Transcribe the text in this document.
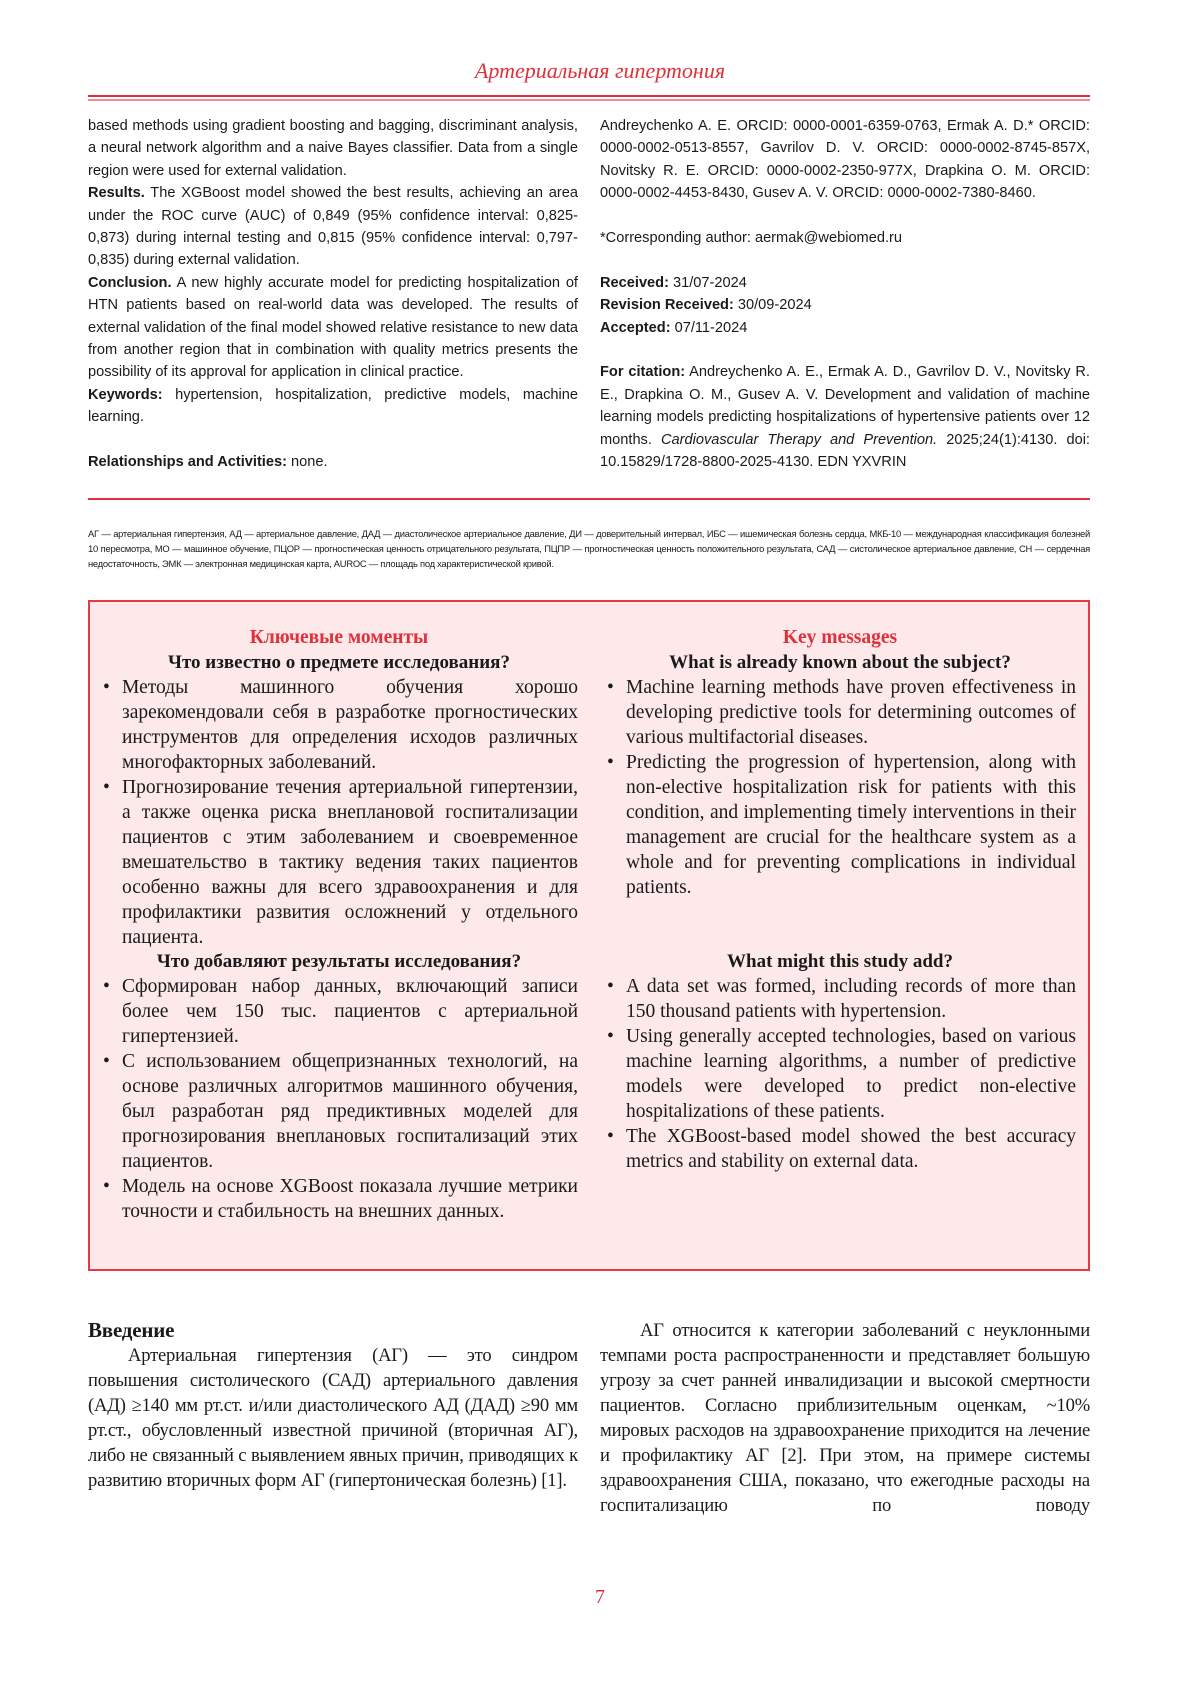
Артериальная гипертония

based methods using gradient boosting and bagging, discriminant analysis, a neural network algorithm and a naive Bayes classifier. Data from a single region were used for external validation.

Results. The XGBoost model showed the best results, achieving an area under the ROC curve (AUC) of 0,849 (95% confidence interval: 0,825-0,873) during internal testing and 0,815 (95% confidence interval: 0,797-0,835) during external validation.

Conclusion. A new highly accurate model for predicting hospitalization of HTN patients based on real-world data was developed. The results of external validation of the final model showed relative resistance to new data from another region that in combination with quality metrics presents the possibility of its approval for application in clinical practice.

Keywords: hypertension, hospitalization, predictive models, machine learning.

Relationships and Activities: none.

Andreychenko A. E. ORCID: 0000-0001-6359-0763, Ermak A. D.* ORCID: 0000-0002-0513-8557, Gavrilov D. V. ORCID: 0000-0002-8745-857X, Novitsky R. E. ORCID: 0000-0002-2350-977X, Drapkina O. M. ORCID: 0000-0002-4453-8430, Gusev A. V. ORCID: 0000-0002-7380-8460.

*Corresponding author: aermak@webiomed.ru

Received: 31/07-2024

Revision Received: 30/09-2024

Accepted: 07/11-2024

For citation: Andreychenko A. E., Ermak A. D., Gavrilov D. V., Novitsky R. E., Drapkina O. M., Gusev A. V. Development and validation of machine learning models predicting hospitalizations of hypertensive patients over 12 months. Cardiovascular Therapy and Prevention. 2025;24(1):4130. doi: 10.15829/1728-8800-2025-4130. EDN YXVRIN

АГ — артериальная гипертензия, АД — артериальное давление, ДАД — диастолическое артериальное давление, ДИ — доверительный интервал, ИБС — ишемическая болезнь сердца, МКБ-10 — международная классификация болезней 10 пересмотра, МО — машинное обучение, ПЦОР — прогностическая ценность отрицательного результата, ПЦПР — прогностическая ценность положительного результата, САД — систолическое артериальное давление, СН — сердечная недостаточность, ЭМК — электронная медицинская карта, AUROC — площадь под характеристической кривой.
Ключевые моменты
Что известно о предмете исследования?
• Методы машинного обучения хорошо зарекомендовали себя в разработке прогностических инструментов для определения исходов различных многофакторных заболеваний.
• Прогнозирование течения артериальной гипертензии, а также оценка риска внеплановой госпитализации пациентов с этим заболеванием и своевременное вмешательство в тактику ведения таких пациентов особенно важны для всего здравоохранения и для профилактики развития осложнений у отдельного пациента.
Что добавляют результаты исследования?
• Сформирован набор данных, включающий записи более чем 150 тыс. пациентов с артериальной гипертензией.
• С использованием общепризнанных технологий, на основе различных алгоритмов машинного обучения, был разработан ряд предиктивных моделей для прогнозирования внеплановых госпитализаций этих пациентов.
• Модель на основе XGBoost показала лучшие метрики точности и стабильность на внешних данных.
Key messages
What is already known about the subject?
• Machine learning methods have proven effectiveness in developing predictive tools for determining outcomes of various multifactorial diseases.
• Predicting the progression of hypertension, along with non-elective hospitalization risk for patients with this condition, and implementing timely interventions in their management are crucial for the healthcare system as a whole and for preventing complications in individual patients.
What might this study add?
• A data set was formed, including records of more than 150 thousand patients with hypertension.
• Using generally accepted technologies, based on various machine learning algorithms, a number of predictive models were developed to predict non-elective hospitalizations of these patients.
• The XGBoost-based model showed the best accuracy metrics and stability on external data.
Введение

Артериальная гипертензия (АГ) — это синдром повышения систолического (САД) артериального давления (АД) ≥140 мм рт.ст. и/или диастолического АД (ДАД) ≥90 мм рт.ст., обусловленный известной причиной (вторичная АГ), либо не связанный с выявлением явных причин, приводящих к развитию вторичных форм АГ (гипертоническая болезнь) [1].

АГ относится к категории заболеваний с неуклонными темпами роста распространенности и представляет большую угрозу за счет ранней инвалидизации и высокой смертности пациентов. Согласно приблизительным оценкам, ~10% мировых расходов на здравоохранение приходится на лечение и профилактику АГ [2]. При этом, на примере системы здравоохранения США, показано, что ежегодные расходы на госпитализацию по поводу

7
